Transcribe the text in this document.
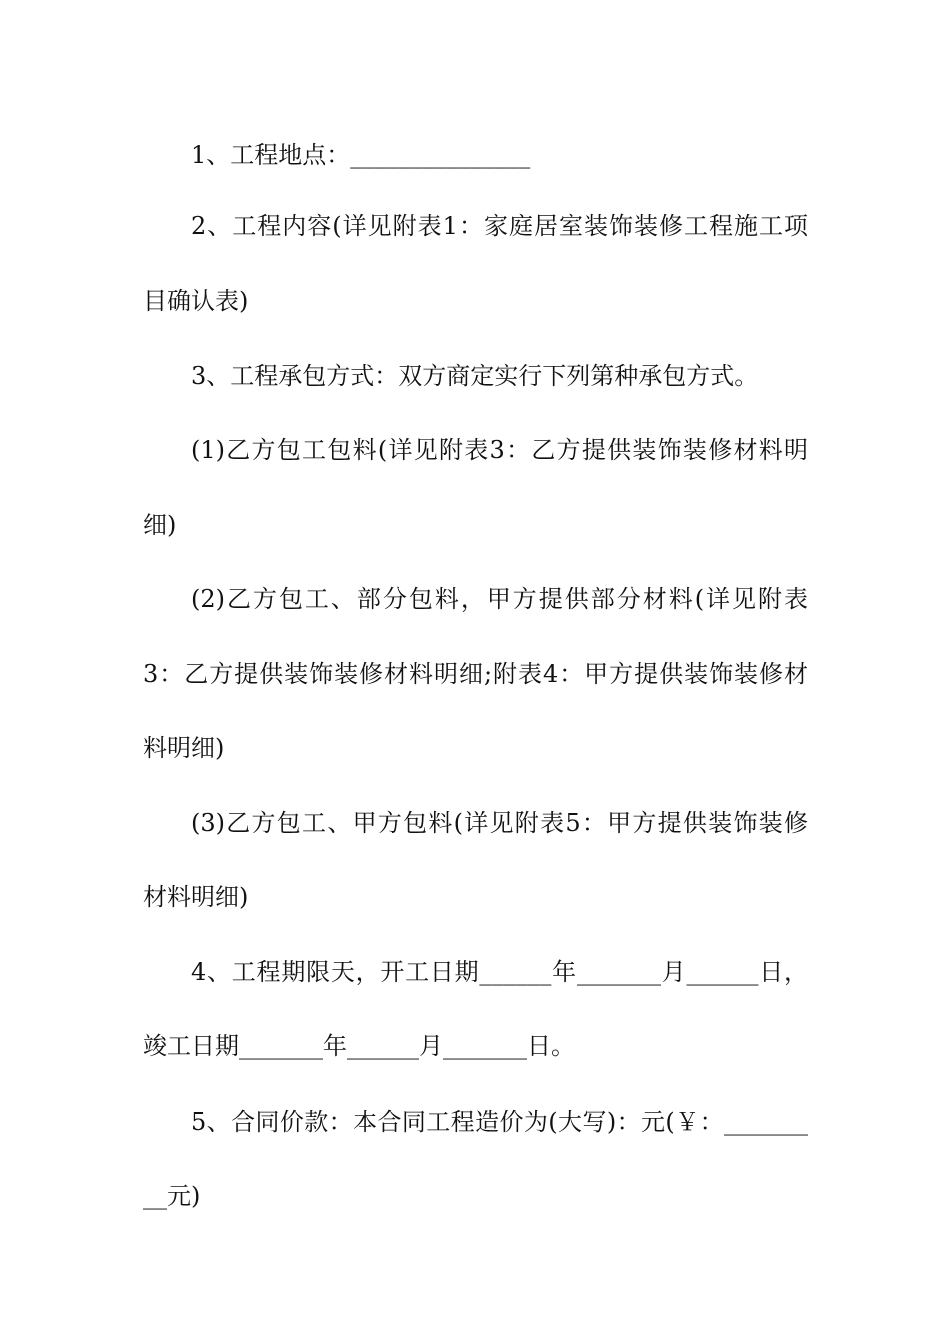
1、工程地点：_______________
2、工程内容(详见附表1：家庭居室装饰装修工程施工项
目确认表)
3、工程承包方式：双方商定实行下列第种承包方式。
(1)乙方包工包料(详见附表3：乙方提供装饰装修材料明
细)
(2)乙方包工、部分包料，甲方提供部分材料(详见附表
3：乙方提供装饰装修材料明细;附表4：甲方提供装饰装修材
料明细)
(3)乙方包工、甲方包料(详见附表5：甲方提供装饰装修
材料明细)
4、工程期限天，开工日期______年_______月______日，
竣工日期_______年______月_______日。
5、合同价款：本合同工程造价为(大写)：元(￥：_______
__元)
